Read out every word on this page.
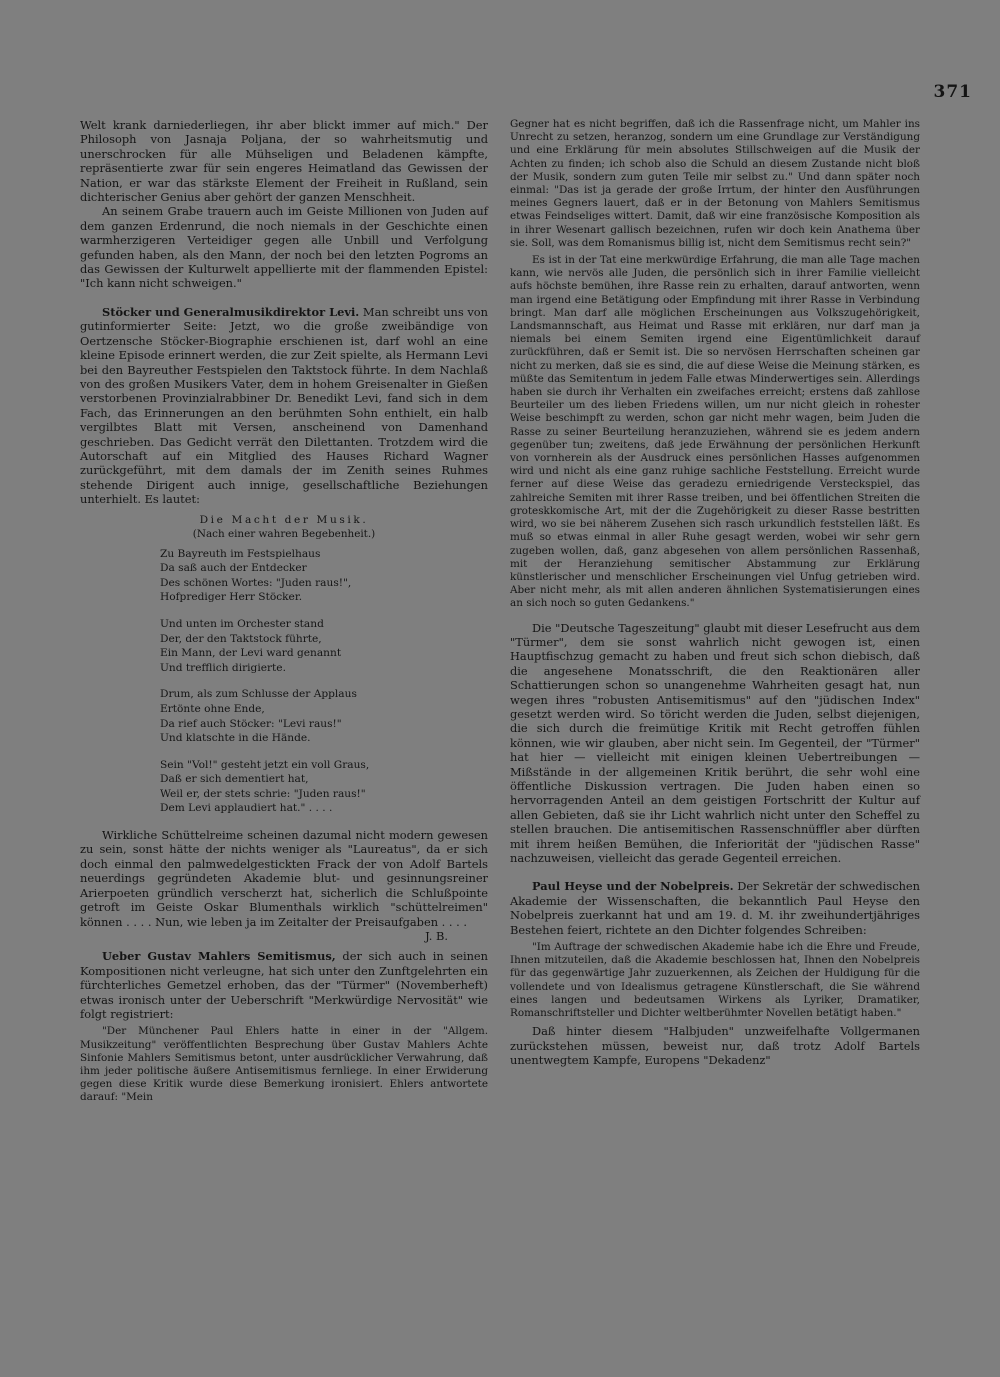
371

Welt krank darniederliegen, ihr aber blickt immer auf mich." Der Philosoph von Jasnaja Poljana, der so wahrheitsmutig und unerschrocken für alle Mühseligen und Beladenen kämpfte, repräsentierte zwar für sein engeres Heimatland das Gewissen der Nation, er war das stärkste Element der Freiheit in Rußland, sein dichterischer Genius aber gehört der ganzen Menschheit.

An seinem Grabe trauern auch im Geiste Millionen von Juden auf dem ganzen Erdenrund, die noch niemals in der Geschichte einen warmherzigeren Verteidiger gegen alle Unbill und Verfolgung gefunden haben, als den Mann, der noch bei den letzten Pogroms an das Gewissen der Kulturwelt appellierte mit der flammenden Epistel: "Ich kann nicht schweigen."

Stöcker und Generalmusikdirektor Levi. Man schreibt uns von gutinformierter Seite: Jetzt, wo die große zweibändige von Oertzensche Stöcker-Biographie erschienen ist, darf wohl an eine kleine Episode erinnert werden, die zur Zeit spielte, als Hermann Levi bei den Bayreuther Festspielen den Taktstock führte. In dem Nachlaß von des großen Musikers Vater, dem in hohem Greisenalter in Gießen verstorbenen Provinzialrabbiner Dr. Benedikt Levi, fand sich in dem Fach, das Erinnerungen an den berühmten Sohn enthielt, ein halb vergilbtes Blatt mit Versen, anscheinend von Damenhand geschrieben. Das Gedicht verrät den Dilettanten. Trotzdem wird die Autorschaft auf ein Mitglied des Hauses Richard Wagner zurückgeführt, mit dem damals der im Zenith seines Ruhmes stehende Dirigent auch innige, gesellschaftliche Beziehungen unterhielt. Es lautet:

Die Macht der Musik.
(Nach einer wahren Begebenheit.)
Zu Bayreuth im Festspielhaus
Da saß auch der Entdecker
Des schönen Wortes: "Juden raus!",
Hofprediger Herr Stöcker.
Und unten im Orchester stand
Der, der den Taktstock führte,
Ein Mann, der Levi ward genannt
Und trefflich dirigierte.
Drum, als zum Schlusse der Applaus
Ertönte ohne Ende,
Da rief auch Stöcker: "Levi raus!"
Und klatschte in die Hände.
Sein "Vol!" gesteht jetzt ein voll Graus,
Daß er sich dementiert hat,
Weil er, der stets schrie: "Juden raus!"
Dem Levi applaudiert hat." . . . .

Wirkliche Schüttelreime scheinen dazumal nicht modern gewesen zu sein, sonst hätte der nichts weniger als "Laureatus", da er sich doch einmal den palmwedelgestickten Frack der von Adolf Bartels neuerdings gegründeten Akademie blut- und gesinnungsreiner Arierpoeten gründlich verscherzt hat, sicherlich die Schlußpointe getroft im Geiste Oskar Blumenthals wirklich "schüttelreimen" können . . . . Nun, wie leben ja im Zeitalter der Preisaufgaben . . . .

J. B.

Ueber Gustav Mahlers Semitismus, der sich auch in seinen Kompositionen nicht verleugne, hat sich unter den Zunftgelehrten ein fürchterliches Gemetzel erhoben, das der "Türmer" (Novemberheft) etwas ironisch unter der Ueberschrift "Merkwürdige Nervosität" wie folgt registriert:

"Der Münchener Paul Ehlers hatte in einer in der "Allgem. Musikzeitung" veröffentlichten Besprechung über Gustav Mahlers Achte Sinfonie Mahlers Semitismus betont, unter ausdrücklicher Verwahrung, daß ihm jeder politische äußere Antisemitismus fernliege. In einer Erwiderung gegen diese Kritik wurde diese Bemerkung ironisiert. Ehlers antwortete darauf: "Mein

Gegner hat es nicht begriffen, daß ich die Rassenfrage nicht, um Mahler ins Unrecht zu setzen, heranzog, sondern um eine Grundlage zur Verständigung und eine Erklärung für mein absolutes Stillschweigen auf die Musik der Achten zu finden; ich schob also die Schuld an diesem Zustande nicht bloß der Musik, sondern zum guten Teile mir selbst zu." Und dann später noch einmal: "Das ist ja gerade der große Irrtum, der hinter den Ausführungen meines Gegners lauert, daß er in der Betonung von Mahlers Semitismus etwas Feindseliges wittert. Damit, daß wir eine französische Komposition als in ihrer Wesenart gallisch bezeichnen, rufen wir doch kein Anathema über sie. Soll, was dem Romanismus billig ist, nicht dem Semitismus recht sein?"

Es ist in der Tat eine merkwürdige Erfahrung, die man alle Tage machen kann, wie nervös alle Juden, die persönlich sich in ihrer Familie vielleicht aufs höchste bemühen, ihre Rasse rein zu erhalten, darauf antworten, wenn man irgend eine Betätigung oder Empfindung mit ihrer Rasse in Verbindung bringt. Man darf alle möglichen Erscheinungen aus Volkszugehörigkeit, Landsmannschaft, aus Heimat und Rasse mit erklären, nur darf man ja niemals bei einem Semiten irgend eine Eigentümlichkeit darauf zurückführen, daß er Semit ist. Die so nervösen Herrschaften scheinen gar nicht zu merken, daß sie es sind, die auf diese Weise die Meinung stärken, es müßte das Semitentum in jedem Falle etwas Minderwertiges sein. Allerdings haben sie durch ihr Verhalten ein zweifaches erreicht; erstens daß zahllose Beurteiler um des lieben Friedens willen, um nur nicht gleich in rohester Weise beschimpft zu werden, schon gar nicht mehr wagen, beim Juden die Rasse zu seiner Beurteilung heranzuziehen, während sie es jedem andern gegenüber tun; zweitens, daß jede Erwähnung der persönlichen Herkunft von vornherein als der Ausdruck eines persönlichen Hasses aufgenommen wird und nicht als eine ganz ruhige sachliche Feststellung. Erreicht wurde ferner auf diese Weise das geradezu erniedrigende Versteckspiel, das zahlreiche Semiten mit ihrer Rasse treiben, und bei öffentlichen Streiten die groteskkomische Art, mit der die Zugehörigkeit zu dieser Rasse bestritten wird, wo sie bei näherem Zusehen sich rasch urkundlich feststellen läßt. Es muß so etwas einmal in aller Ruhe gesagt werden, wobei wir sehr gern zugeben wollen, daß, ganz abgesehen von allem persönlichen Rassenhaß, mit der Heranziehung semitischer Abstammung zur Erklärung künstlerischer und menschlicher Erscheinungen viel Unfug getrieben wird. Aber nicht mehr, als mit allen anderen ähnlichen Systematisierungen eines an sich noch so guten Gedankens."

Die "Deutsche Tageszeitung" glaubt mit dieser Lesefrucht aus dem "Türmer", dem sie sonst wahrlich nicht gewogen ist, einen Hauptfischzug gemacht zu haben und freut sich schon diebisch, daß die angesehene Monatsschrift, die den Reaktionären aller Schattierungen schon so unangenehme Wahrheiten gesagt hat, nun wegen ihres "robusten Antisemitismus" auf den "jüdischen Index" gesetzt werden wird. So töricht werden die Juden, selbst diejenigen, die sich durch die freimütige Kritik mit Recht getroffen fühlen können, wie wir glauben, aber nicht sein. Im Gegenteil, der "Türmer" hat hier — vielleicht mit einigen kleinen Uebertreibungen — Mißstände in der allgemeinen Kritik berührt, die sehr wohl eine öffentliche Diskussion vertragen. Die Juden haben einen so hervorragenden Anteil an dem geistigen Fortschritt der Kultur auf allen Gebieten, daß sie ihr Licht wahrlich nicht unter den Scheffel zu stellen brauchen. Die antisemitischen Rassenschnüffler aber dürften mit ihrem heißen Bemühen, die Inferiorität der "jüdischen Rasse" nachzuweisen, vielleicht das gerade Gegenteil erreichen.

Paul Heyse und der Nobelpreis. Der Sekretär der schwedischen Akademie der Wissenschaften, die bekanntlich Paul Heyse den Nobelpreis zuerkannt hat und am 19. d. M. ihr zweihundertjähriges Bestehen feiert, richtete an den Dichter folgendes Schreiben:

"Im Auftrage der schwedischen Akademie habe ich die Ehre und Freude, Ihnen mitzuteilen, daß die Akademie beschlossen hat, Ihnen den Nobelpreis für das gegenwärtige Jahr zuzuerkennen, als Zeichen der Huldigung für die vollendete und von Idealismus getragene Künstlerschaft, die Sie während eines langen und bedeutsamen Wirkens als Lyriker, Dramatiker, Romanschriftsteller und Dichter weltberühmter Novellen betätigt haben."

Daß hinter diesem "Halbjuden" unzweifelhafte Vollgermanen zurückstehen müssen, beweist nur, daß trotz Adolf Bartels unentwegtem Kampfe, Europens "Dekadenz"
